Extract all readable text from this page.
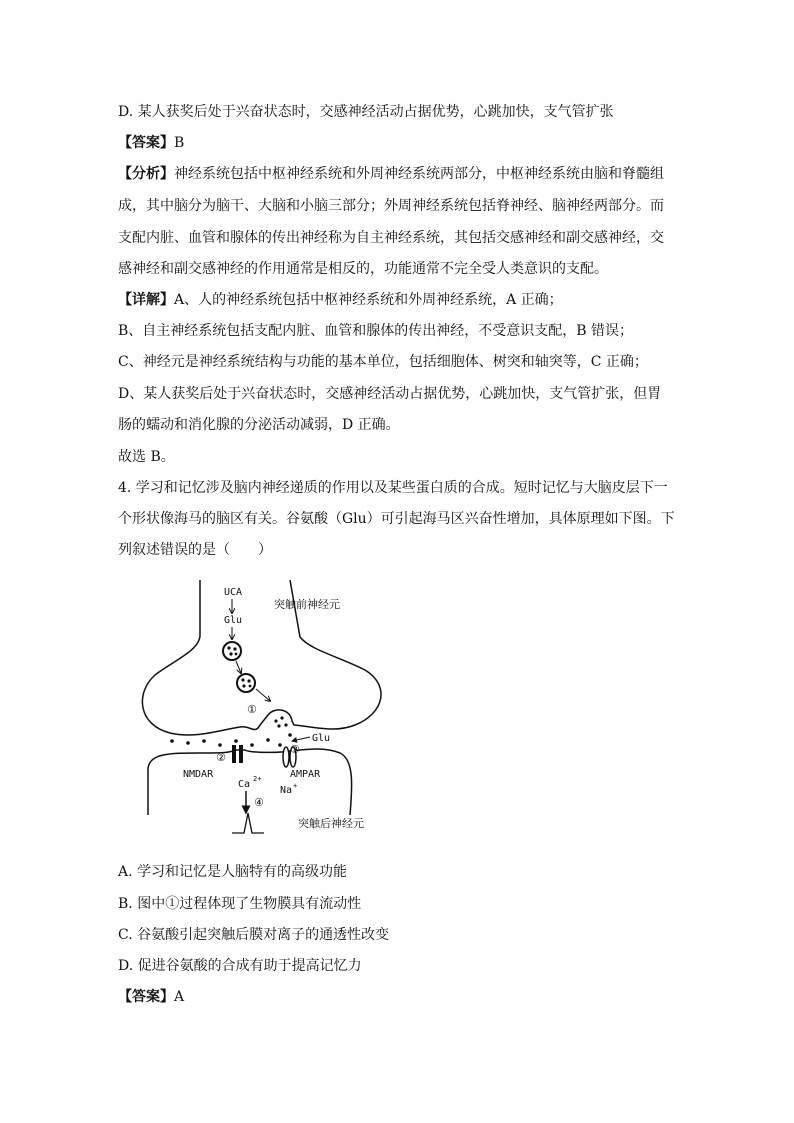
D. 某人获奖后处于兴奋状态时，交感神经活动占据优势，心跳加快，支气管扩张
【答案】B
【分析】神经系统包括中枢神经系统和外周神经系统两部分，中枢神经系统由脑和脊髓组
成，其中脑分为脑干、大脑和小脑三部分；外周神经系统包括脊神经、脑神经两部分。而
支配内脏、血管和腺体的传出神经称为自主神经系统，其包括交感神经和副交感神经，交
感神经和副交感神经的作用通常是相反的，功能通常不完全受人类意识的支配。
【详解】A、人的神经系统包括中枢神经系统和外周神经系统，A 正确；
B、自主神经系统包括支配内脏、血管和腺体的传出神经，不受意识支配，B 错误；
C、神经元是神经系统结构与功能的基本单位，包括细胞体、树突和轴突等，C 正确；
D、某人获奖后处于兴奋状态时，交感神经活动占据优势，心跳加快，支气管扩张，但胃
肠的蠕动和消化腺的分泌活动减弱，D 正确。
故选 B。
4. 学习和记忆涉及脑内神经递质的作用以及某些蛋白质的合成。短时记忆与大脑皮层下一
个形状像海马的脑区有关。谷氨酸（Glu）可引起海马区兴奋性增加，具体原理如下图。下
列叙述错误的是（　　）
UCA
Glu
①
突触前神经元
Glu
②
③
NMDAR	AMPAR
Ca 2+
Na +
④
突触后神经元
A. 学习和记忆是人脑特有的高级功能
B. 图中①过程体现了生物膜具有流动性
C. 谷氨酸引起突触后膜对离子的通透性改变
D. 促进谷氨酸的合成有助于提高记忆力
【答案】A
